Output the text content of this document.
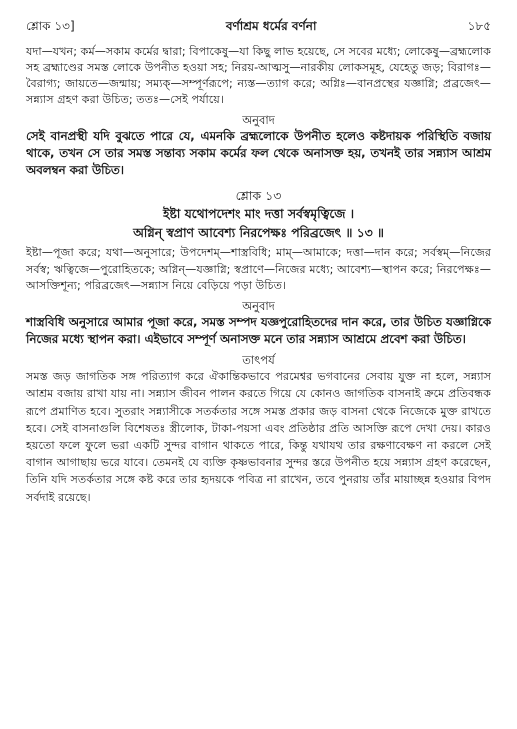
শ্লোক ১৩]	বর্ণাশ্রম ধর্মের বর্ণনা	১৮৫

যদা—যখন; কর্ম—সকাম কর্মের দ্বারা; বিপাকেষু—যা কিছু লাভ হয়েছে, সে সবের মধ্যে; লোকেষু—ব্রহ্মলোক সহ ব্রহ্মাণ্ডের সমস্ত লোকে উপনীত হওয়া সহ; নিরয়-আত্মসু—নারকীয় লোকসমূহ, যেহেতু জড়; বিরাগঃ—বৈরাগ্য; জায়তে—জন্মায়; সম্যক্—সম্পূর্ণরূপে; ন্যস্ত—ত্যাগ করে; অগ্নিঃ—বানপ্রস্থের যজ্ঞাগ্নি; প্রব্রজেৎ—সন্ন্যাস গ্রহণ করা উচিত; ততঃ—সেই পর্যায়ে।

অনুবাদ

সেই বানপ্রস্থী যদি বুঝতে পারে যে, এমনকি ব্রহ্মলোকে উপনীত হলেও কষ্টদায়ক পরিস্থিতি বজায় থাকে, তখন সে তার সমস্ত সন্তাব্য সকাম কর্মের ফল থেকে অনাসক্ত হয়, তখনই তার সন্ন্যাস আশ্রম অবলম্বন করা উচিত।

শ্লোক ১৩

ইষ্টা যথোপদেশং মাং দত্তা সর্বস্বমৃত্বিজে ।

অগ্নিন্ স্বপ্রাণ আবেশ্য নিরপেক্ষঃ পরিব্রজেৎ ॥ ১৩ ॥

ইষ্টা—পূজা করে; যথা—অনুসারে; উপদেশম্—শাস্ত্রবিধি; মাম্—আমাকে; দত্তা—দান করে; সর্বস্বম্—নিজের সর্বস্ব; ঋত্বিজে—পুরোহিতকে; অগ্নিন্—যজ্ঞাগ্নি; স্বপ্রাণে—নিজের মধ্যে; আবেশ্য—স্থাপন করে; নিরপেক্ষঃ—আসক্তিশূন্য; পরিব্রজেৎ—সন্ন্যাস নিয়ে বেড়িয়ে পড়া উচিত।

অনুবাদ

শাস্ত্রবিধি অনুসারে আমার পূজা করে, সমস্ত সম্পদ যজ্ঞপুরোহিতদের দান করে, তার উচিত যজ্ঞাগ্নিকে নিজের মধ্যে স্থাপন করা। এইভাবে সম্পূর্ণ অনাসক্ত মনে তার সন্ন্যাস আশ্রমে প্রবেশ করা উচিত।

তাৎপর্য

সমস্ত জড় জাগতিক সঙ্গ পরিত্যাগ করে ঐকান্তিকভাবে পরমেশ্বর ভগবানের সেবায় যুক্ত না হলে, সন্ন্যাস আশ্রম বজায় রাখা যায় না। সন্ন্যাস জীবন পালন করতে গিয়ে যে কোনও জাগতিক বাসনাই ক্রমে প্রতিবন্ধক রূপে প্রমাণিত হবে। সুতরাং সন্ন্যাসীকে সতর্কতার সঙ্গে সমস্ত প্রকার জড় বাসনা থেকে নিজেকে মুক্ত রাখতে হবে। সেই বাসনাগুলি বিশেষতঃ স্ত্রীলোক, টাকা-পয়সা এবং প্রতিষ্ঠার প্রতি আসক্তি রূপে দেখা দেয়। কারও হয়তো ফলে ফুলে ভরা একটি সুন্দর বাগান থাকতে পারে, কিন্তু যথাযথ তার রক্ষণাবেক্ষণ না করলে সেই বাগান আগাছায় ভরে যাবে। তেমনই যে ব্যক্তি কৃষ্ণভাবনার সুন্দর স্তরে উপনীত হয়ে সন্ন্যাস গ্রহণ করেছেন, তিনি যদি সতর্কতার সঙ্গে কষ্ট করে তার হৃদয়কে পবিত্র না রাখেন, তবে পুনরায় তাঁর মায়াচ্ছন্ন হওয়ার বিপদ সর্বদাই রয়েছে।
